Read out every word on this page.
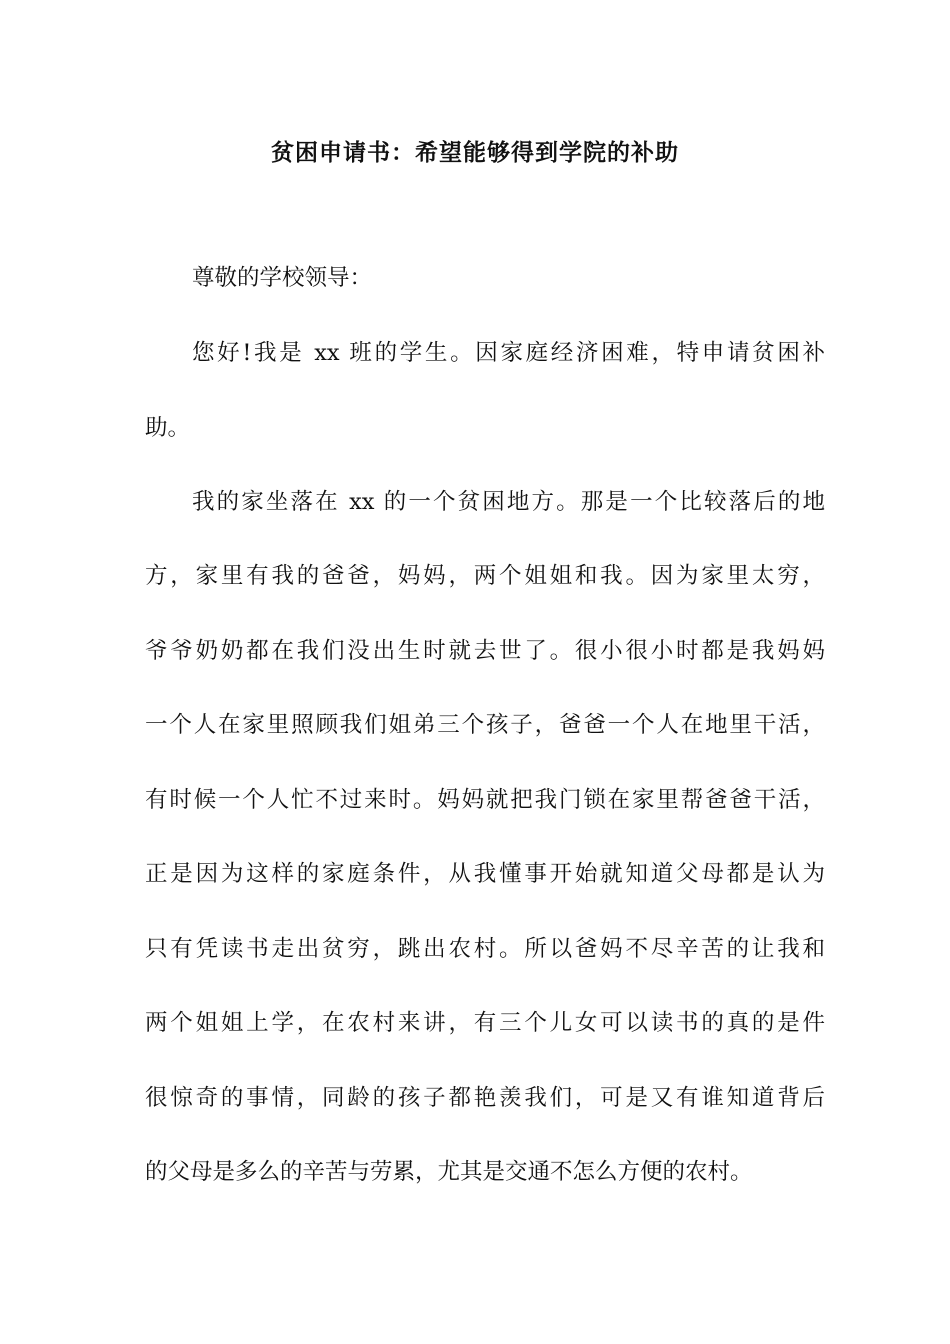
贫困申请书：希望能够得到学院的补助

尊敬的学校领导：

您好!我是 xx 班的学生。因家庭经济困难，特申请贫困补

助。

我的家坐落在 xx 的一个贫困地方。那是一个比较落后的地

方，家里有我的爸爸，妈妈，两个姐姐和我。因为家里太穷，

爷爷奶奶都在我们没出生时就去世了。很小很小时都是我妈妈

一个人在家里照顾我们姐弟三个孩子，爸爸一个人在地里干活，

有时候一个人忙不过来时。妈妈就把我门锁在家里帮爸爸干活，

正是因为这样的家庭条件，从我懂事开始就知道父母都是认为

只有凭读书走出贫穷，跳出农村。所以爸妈不尽辛苦的让我和

两个姐姐上学，在农村来讲，有三个儿女可以读书的真的是件

很惊奇的事情，同龄的孩子都艳羡我们，可是又有谁知道背后

的父母是多么的辛苦与劳累，尤其是交通不怎么方便的农村。
